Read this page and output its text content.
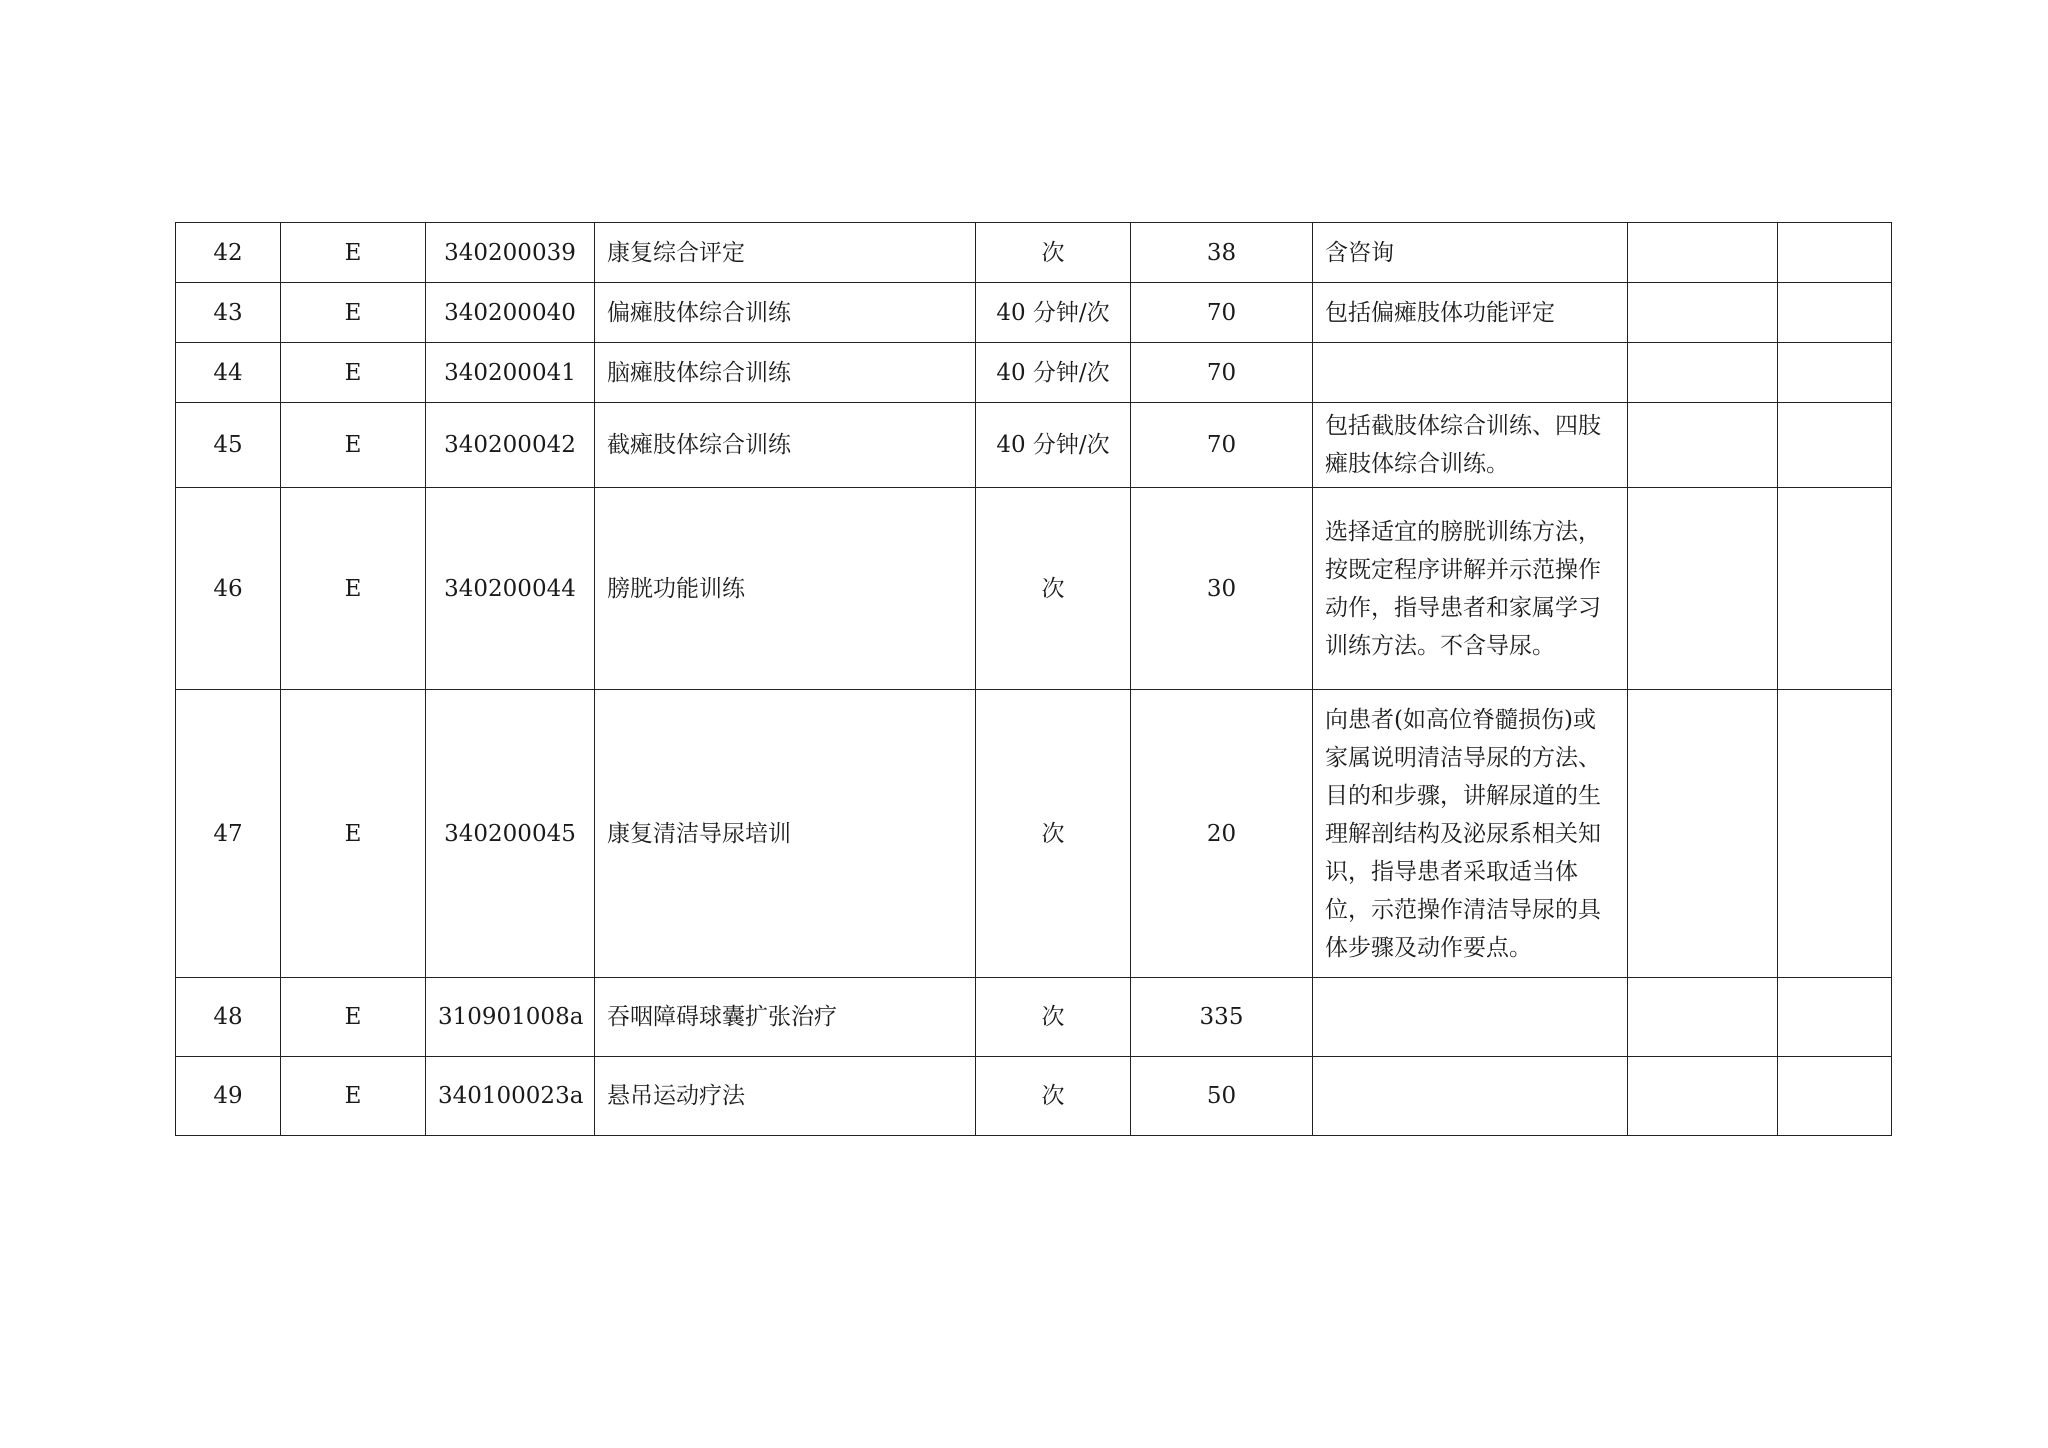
42	E	340200039	康复综合评定	次	38	含咨询		
43	E	340200040	偏瘫肢体综合训练	40 分钟/次	70	包括偏瘫肢体功能评定		
44	E	340200041	脑瘫肢体综合训练	40 分钟/次	70			
45	E	340200042	截瘫肢体综合训练	40 分钟/次	70	包括截肢体综合训练、四肢瘫肢体综合训练。		
46	E	340200044	膀胱功能训练	次	30	选择适宜的膀胱训练方法，按既定程序讲解并示范操作动作，指导患者和家属学习训练方法。不含导尿。		
47	E	340200045	康复清洁导尿培训	次	20	向患者(如高位脊髓损伤)或家属说明清洁导尿的方法、目的和步骤，讲解尿道的生理解剖结构及泌尿系相关知识，指导患者采取适当体位，示范操作清洁导尿的具体步骤及动作要点。		
48	E	310901008a	吞咽障碍球囊扩张治疗	次	335			
49	E	340100023a	悬吊运动疗法	次	50			
